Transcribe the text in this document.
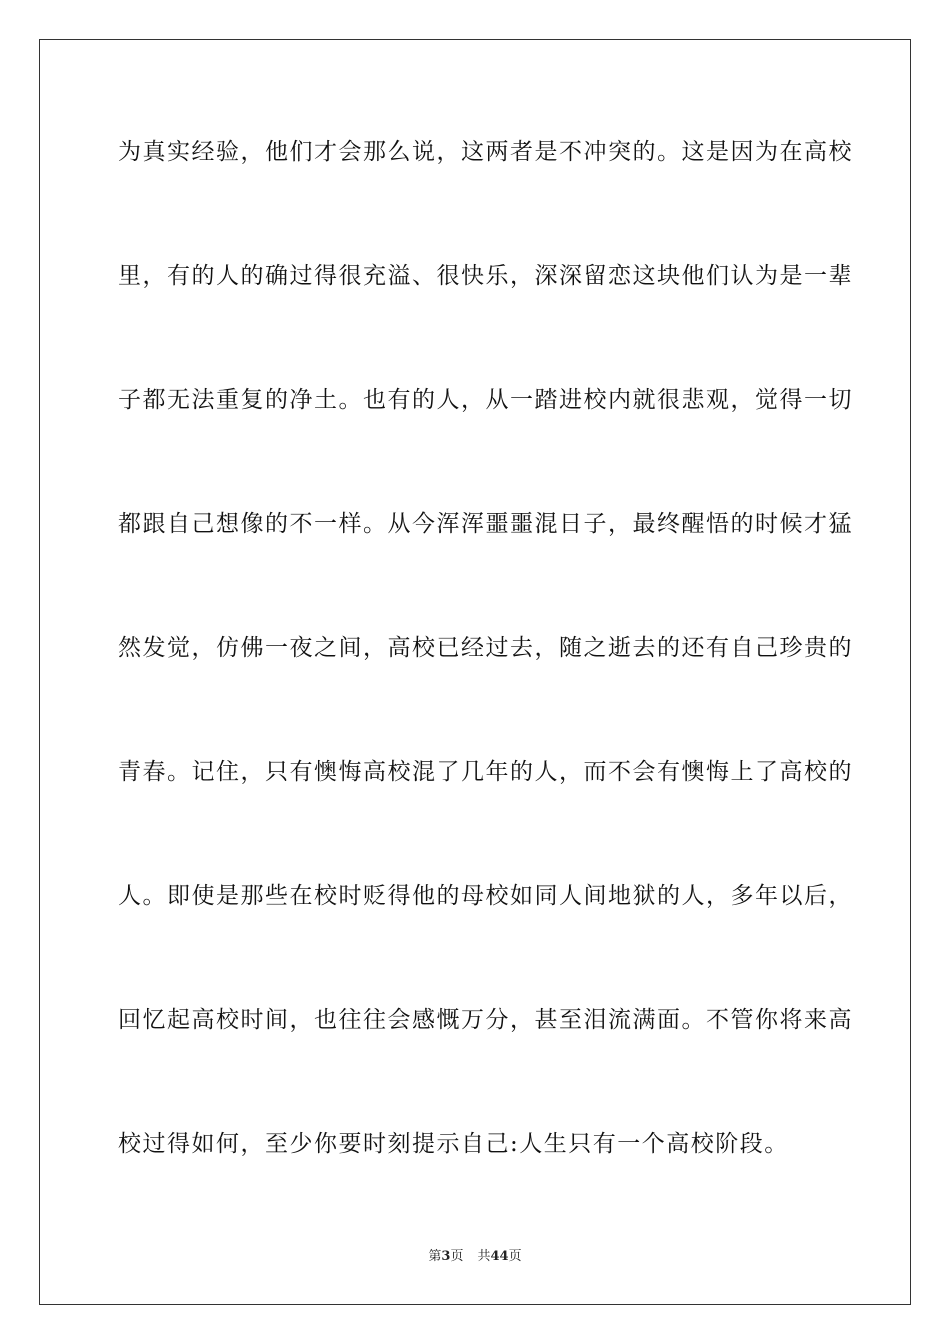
为真实经验，他们才会那么说，这两者是不冲突的。这是因为在高校
里，有的人的确过得很充溢、很快乐，深深留恋这块他们认为是一辈
子都无法重复的净土。也有的人，从一踏进校内就很悲观，觉得一切
都跟自己想像的不一样。从今浑浑噩噩混日子，最终醒悟的时候才猛
然发觉，仿佛一夜之间，高校已经过去，随之逝去的还有自己珍贵的
青春。记住，只有懊悔高校混了几年的人，而不会有懊悔上了高校的
人。即使是那些在校时贬得他的母校如同人间地狱的人，多年以后，
回忆起高校时间，也往往会感慨万分，甚至泪流满面。不管你将来高
校过得如何，至少你要时刻提示自己:人生只有一个高校阶段。
第3页 共44页
